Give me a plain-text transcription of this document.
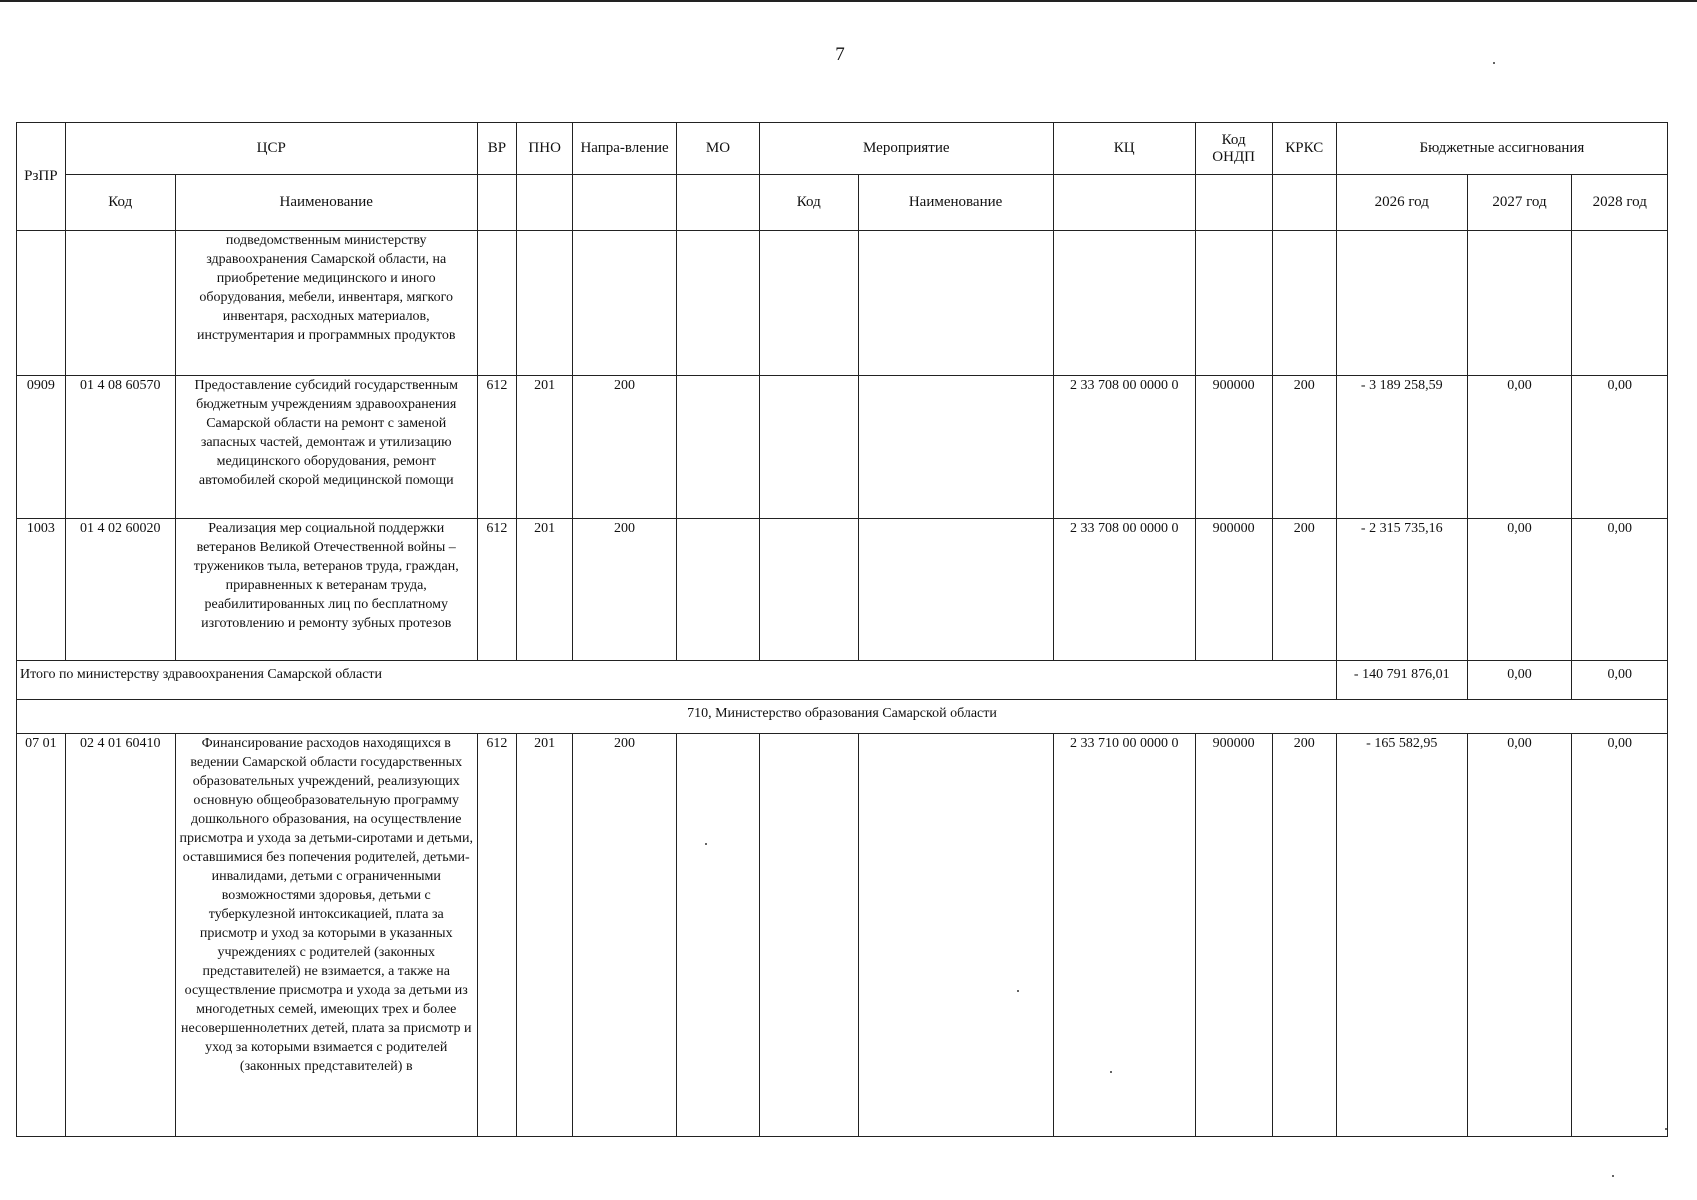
7
РзПР	ЦСР		ВР	ПНО	Напра-вление	МО	Мероприятие		КЦ	Код ОНДП	КРКС	Бюджетные ассигнования		
	Код	Наименование					Код	Наименование				2026 год	2027 год	2028 год
		подведомственным министерству здравоохранения Самарской области, на приобретение медицинского и иного оборудования, мебели, инвентаря, мягкого инвентаря, расходных материалов, инструментария и программных продуктов												
0909	01 4 08 60570	Предоставление субсидий государственным бюджетным учреждениям здравоохранения Самарской области на ремонт с заменой запасных частей, демонтаж и утилизацию медицинского оборудования, ремонт автомобилей скорой медицинской помощи	612	201	200				2 33 708 00 0000 0	900000	200	- 3 189 258,59	0,00	0,00
1003	01 4 02 60020	Реализация мер социальной поддержки ветеранов Великой Отечественной войны – тружеников тыла, ветеранов труда, граждан, приравненных к ветеранам труда, реабилитированных лиц по бесплатному изготовлению и ремонту зубных протезов	612	201	200				2 33 708 00 0000 0	900000	200	- 2 315 735,16	0,00	0,00
Итого по министерству здравоохранения Самарской области												- 140 791 876,01	0,00	0,00
710, Министерство образования Самарской области														
07 01	02 4 01 60410	Финансирование расходов находящихся в ведении Самарской области государственных образовательных учреждений, реализующих основную общеобразовательную программу дошкольного образования, на осуществление присмотра и ухода за детьми-сиротами и детьми, оставшимися без попечения родителей, детьми-инвалидами, детьми с ограниченными возможностями здоровья, детьми с туберкулезной интоксикацией, плата за присмотр и уход за которыми в указанных учреждениях с родителей (законных представителей) не взимается, а также на осуществление присмотра и ухода за детьми из многодетных семей, имеющих трех и более несовершеннолетних детей, плата за присмотр и уход за которыми взимается с родителей (законных представителей) в	612	201	200				2 33 710 00 0000 0	900000	200	- 165 582,95	0,00	0,00
